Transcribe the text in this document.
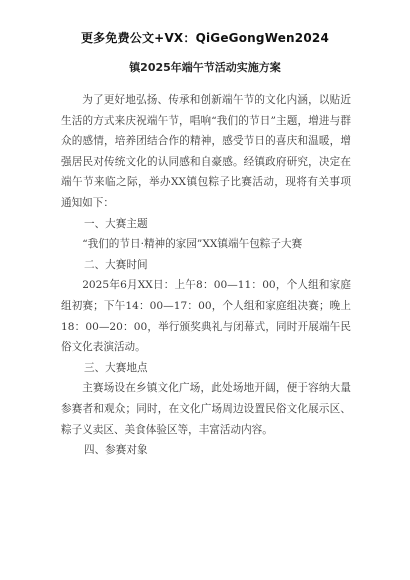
更多免费公文+VX：QiGeGongWen2024
镇2025年端午节活动实施方案

为了更好地弘扬、传承和创新端午节的文化内涵，以贴近生活的方式来庆祝端午节，唱响“我们的节日”主题，增进与群众的感情，培养团结合作的精神，感受节日的喜庆和温暖，增强居民对传统文化的认同感和自豪感。经镇政府研究，决定在端午节来临之际，举办XX镇包粽子比赛活动，现将有关事项通知如下：

一、大赛主题

“我们的节日·精神的家园”XX镇端午包粽子大赛

二、大赛时间

2025年6月XX日：上午8：00—11：00，个人组和家庭组初赛；下午14：00—17：00，个人组和家庭组决赛；晚上18：00—20：00，举行颁奖典礼与闭幕式，同时开展端午民俗文化表演活动。

三、大赛地点

主赛场设在乡镇文化广场，此处场地开阔，便于容纳大量参赛者和观众；同时，在文化广场周边设置民俗文化展示区、粽子义卖区、美食体验区等，丰富活动内容。

四、参赛对象
